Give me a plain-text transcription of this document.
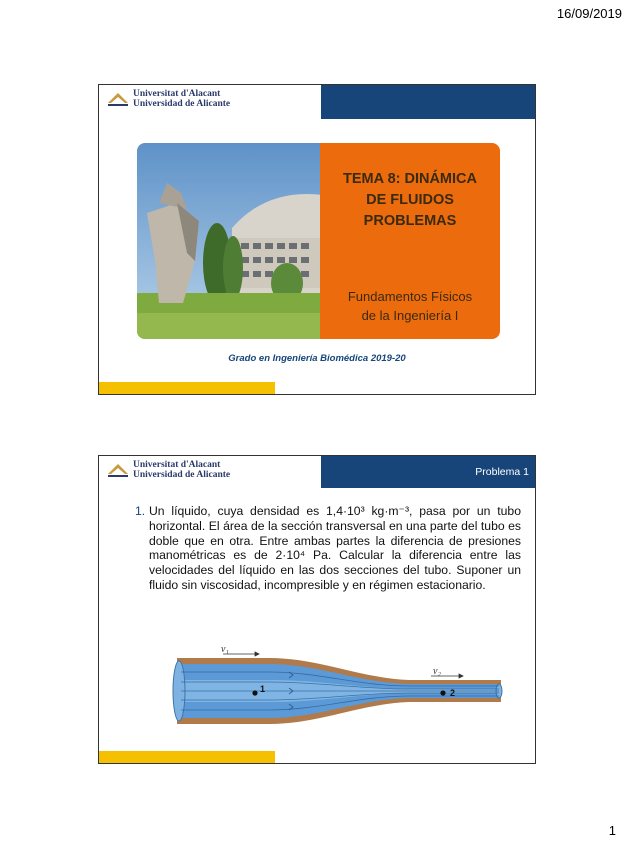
16/09/2019
Universitat d'Alacant
Universidad de Alicante
TEMA 8: DINÁMICA
DE FLUIDOS
PROBLEMAS
Fundamentos Físicos
de la Ingeniería I
Grado en Ingeniería Biomédica 2019-20
Universitat d'Alacant
Universidad de Alicante	Problema 1
1. Un líquido, cuya densidad es 1,4·10³ kg·m⁻³, pasa por un tubo horizontal. El área de la sección transversal en una parte del tubo es doble que en otra. Entre ambas partes la diferencia de presiones manométricas es de 2·10⁴ Pa. Calcular la diferencia entre las velocidades del líquido en las dos secciones del tubo. Suponer un fluido sin viscosidad, incompresible y en régimen estacionario.
v₁
v₂
1	2
1
